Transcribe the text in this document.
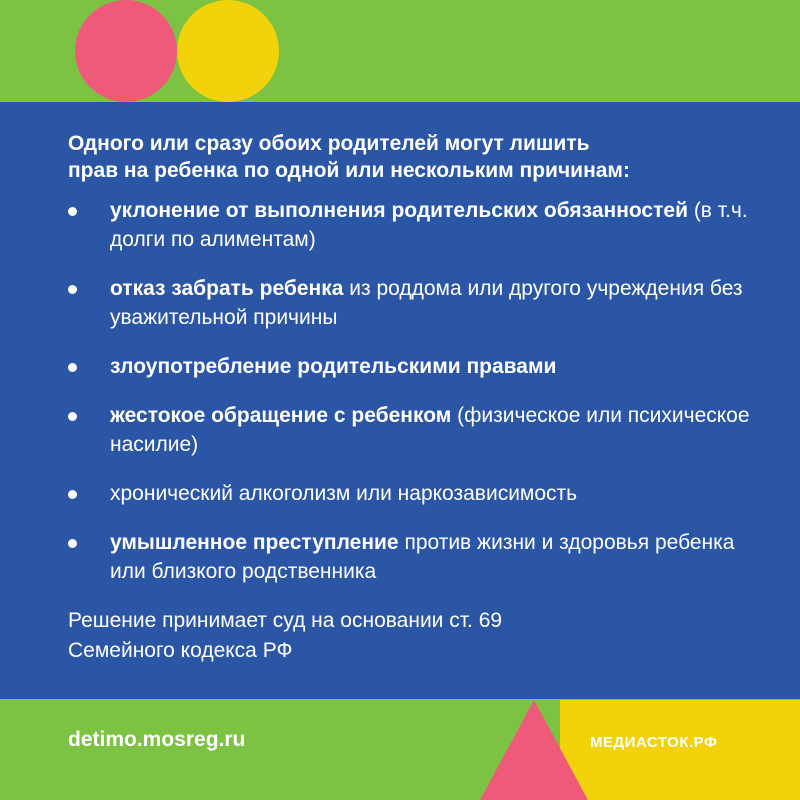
Одного или сразу обоих родителей могут лишить
прав на ребенка по одной или нескольким причинам:
уклонение от выполнения родительских обязанностей (в т.ч. долги по алиментам)
отказ забрать ребенка из роддома или другого учреждения без уважительной причины
злоупотребление родительскими правами
жестокое обращение с ребенком (физическое или психическое насилие)
хронический алкоголизм или наркозависимость
умышленное преступление против жизни и здоровья ребенка или близкого родственника
Решение принимает суд на основании ст. 69
Семейного кодекса РФ
detimo.mosreg.ru	МЕДИАСТОК.РФ
